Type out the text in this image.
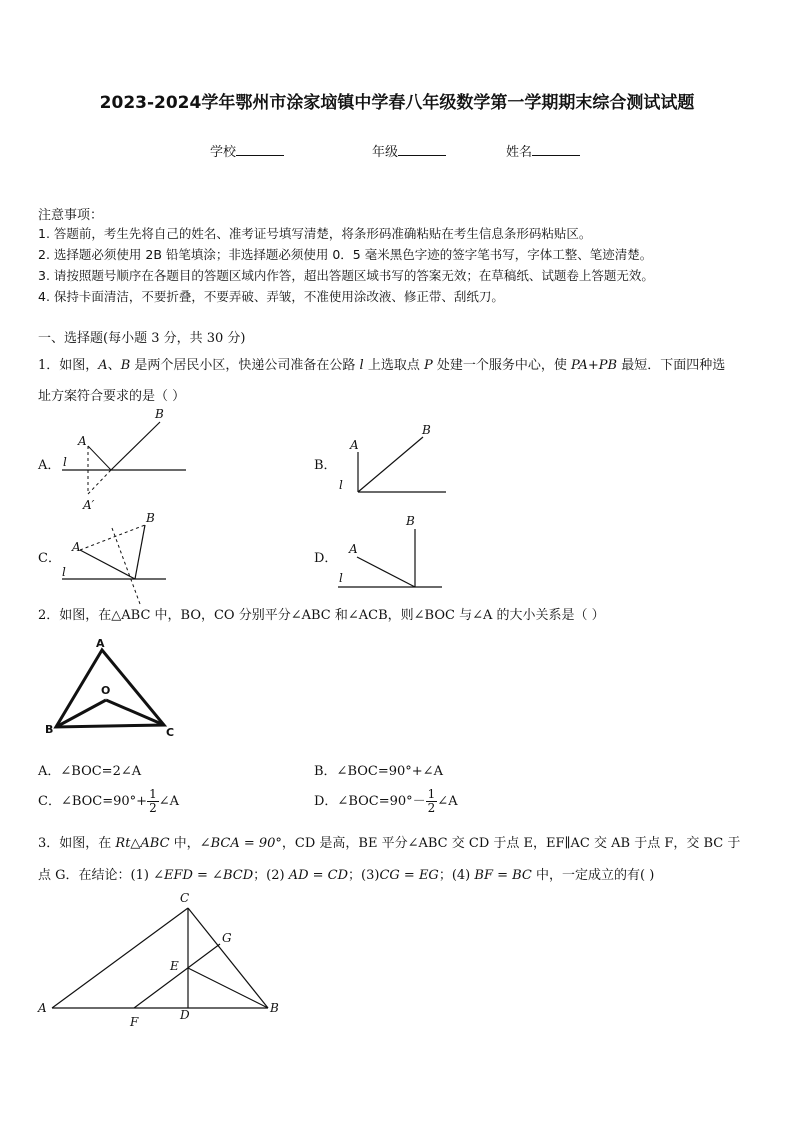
2023-2024学年鄂州市涂家垴镇中学春八年级数学第一学期期末综合测试试题
学校	年级	姓名
注意事项：
1. 答题前，考生先将自己的姓名、准考证号填写清楚，将条形码准确粘贴在考生信息条形码粘贴区。
2. 选择题必须使用 2B 铅笔填涂；非选择题必须使用 0．5 毫米黑色字迹的签字笔书写，字体工整、笔迹清楚。
3. 请按照题号顺序在各题目的答题区域内作答，超出答题区域书写的答案无效；在草稿纸、试题卷上答题无效。
4. 保持卡面清洁，不要折叠，不要弄破、弄皱，不准使用涂改液、修正带、刮纸刀。
一、选择题(每小题 3 分，共 30 分)
1．如图，A、B 是两个居民小区，快递公司准备在公路 l 上选取点 P 处建一个服务中心，使 PA+PB 最短．下面四种选
址方案符合要求的是（ ）
A．	B．
C．	D．
A
B
l
A′
A
B
l
A
B
l
A
B
l
2．如图，在△ABC 中，BO，CO 分别平分∠ABC 和∠ACB，则∠BOC 与∠A 的大小关系是（ ）
A
B	C
O
A．∠BOC=2∠A	B．∠BOC=90°+∠A
C．∠BOC=90°+ $\frac{1}{2}$ ∠A	D．∠BOC=90°－ $\frac{1}{2}$ ∠A
3．如图，在 Rt△ABC 中，∠BCA = 90°，CD 是高，BE 平分∠ABC 交 CD 于点 E，EF∥AC 交 AB 于点 F，交 BC 于
点 G．在结论：(1) ∠EFD = ∠BCD；(2) AD = CD；(3)CG = EG；(4) BF = BC 中，一定成立的有( )
C
A	B
D
E
F
G
